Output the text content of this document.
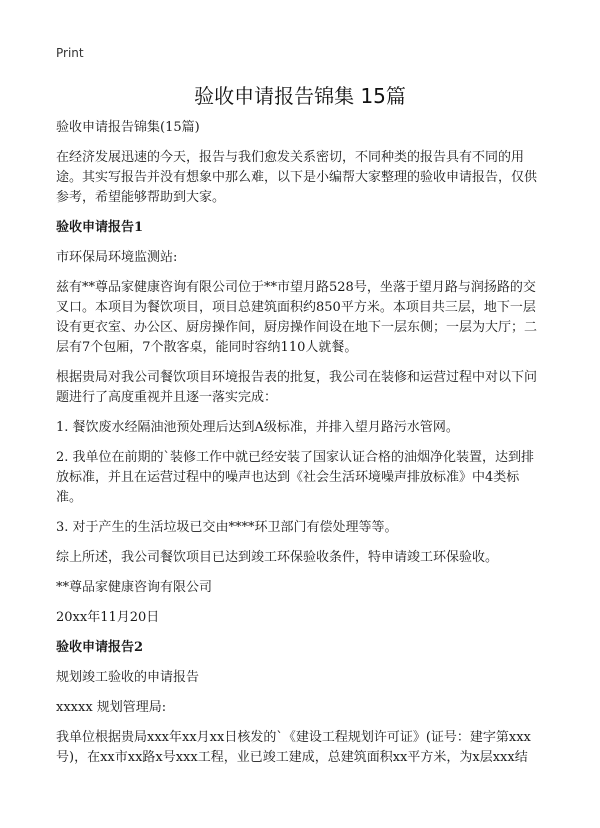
Print
验收申请报告锦集 15篇

验收申请报告锦集(15篇)

在经济发展迅速的今天，报告与我们愈发关系密切，不同种类的报告具有不同的用途。其实写报告并没有想象中那么难，以下是小编帮大家整理的验收申请报告，仅供参考，希望能够帮助到大家。

验收申请报告1

市环保局环境监测站:

兹有**尊品家健康咨询有限公司位于**市望月路528号，坐落于望月路与润扬路的交叉口。本项目为餐饮项目，项目总建筑面积约850平方米。本项目共三层，地下一层设有更衣室、办公区、厨房操作间，厨房操作间设在地下一层东侧；一层为大厅；二层有7个包厢，7个散客桌，能同时容纳110人就餐。

根据贵局对我公司餐饮项目环境报告表的批复，我公司在装修和运营过程中对以下问题进行了高度重视并且逐一落实完成：

1. 餐饮废水经隔油池预处理后达到A级标准，并排入望月路污水管网。

2. 我单位在前期的`装修工作中就已经安装了国家认证合格的油烟净化装置，达到排放标准，并且在运营过程中的噪声也达到《社会生活环境噪声排放标准》中4类标准。

3. 对于产生的生活垃圾已交由****环卫部门有偿处理等等。

综上所述，我公司餐饮项目已达到竣工环保验收条件，特申请竣工环保验收。

**尊品家健康咨询有限公司

20xx年11月20日

验收申请报告2

规划竣工验收的申请报告

xxxxx 规划管理局:

我单位根据贵局xxx年xx月xx日核发的`《建设工程规划许可证》(证号：建字第xxx号)，在xx市xx路x号xxx工程，业已竣工建成，总建筑面积xx平方米，为x层xxx结
